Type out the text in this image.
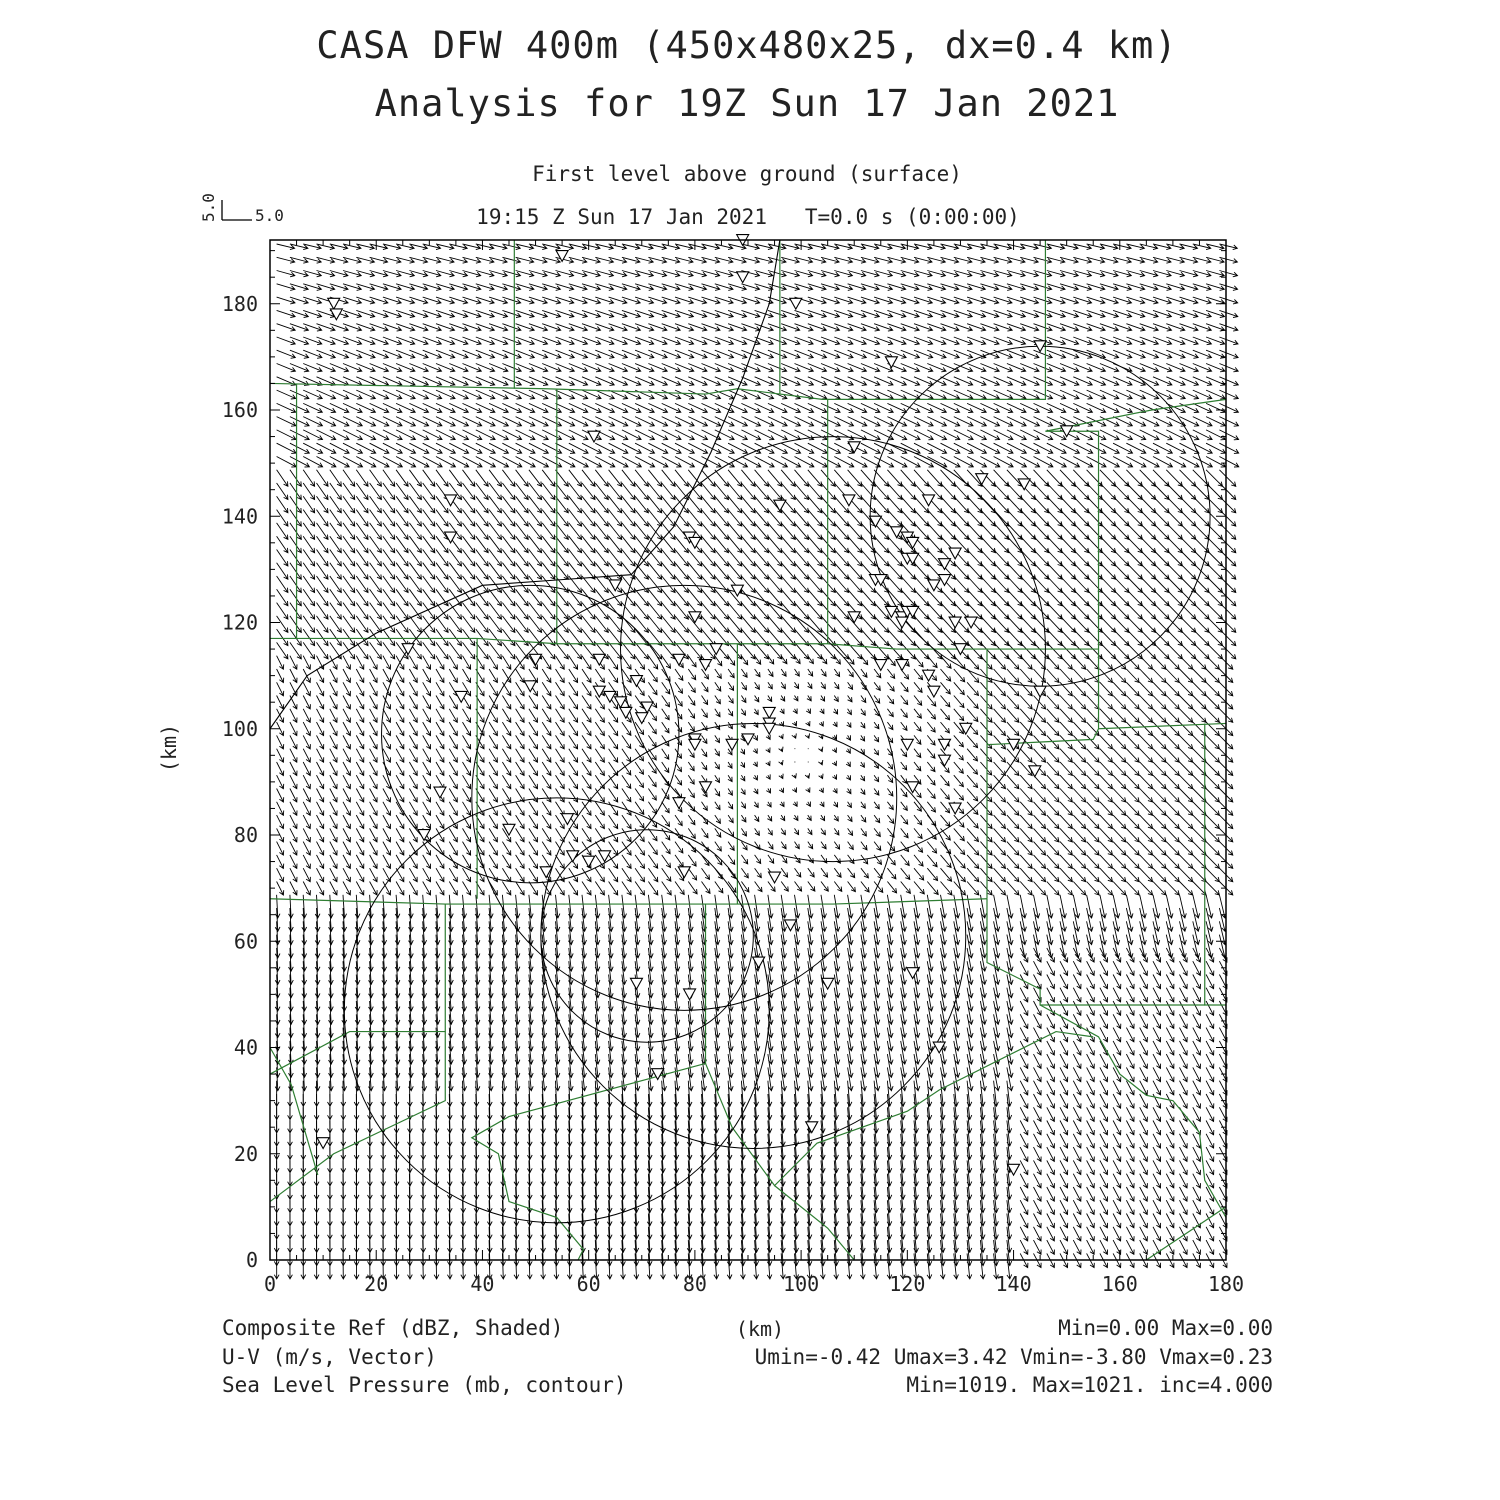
CASA DFW 400m (450x480x25, dx=0.4 km)
Analysis for 19Z Sun 17 Jan 2021
First level above ground (surface)
19:15 Z Sun 17 Jan 2021   T=0.0 s (0:00:00)
0	20	40	60	80	100	120	140	160	180
0
20
40
60
80
100
120
140
160
180
5.0
5.0
(km)
(km)
Composite Ref (dBZ, Shaded)	Min=0.00 Max=0.00
U-V (m/s, Vector)	Umin=-0.42 Umax=3.42 Vmin=-3.80 Vmax=0.23
Sea Level Pressure (mb, contour)	Min=1019. Max=1021. inc=4.000
